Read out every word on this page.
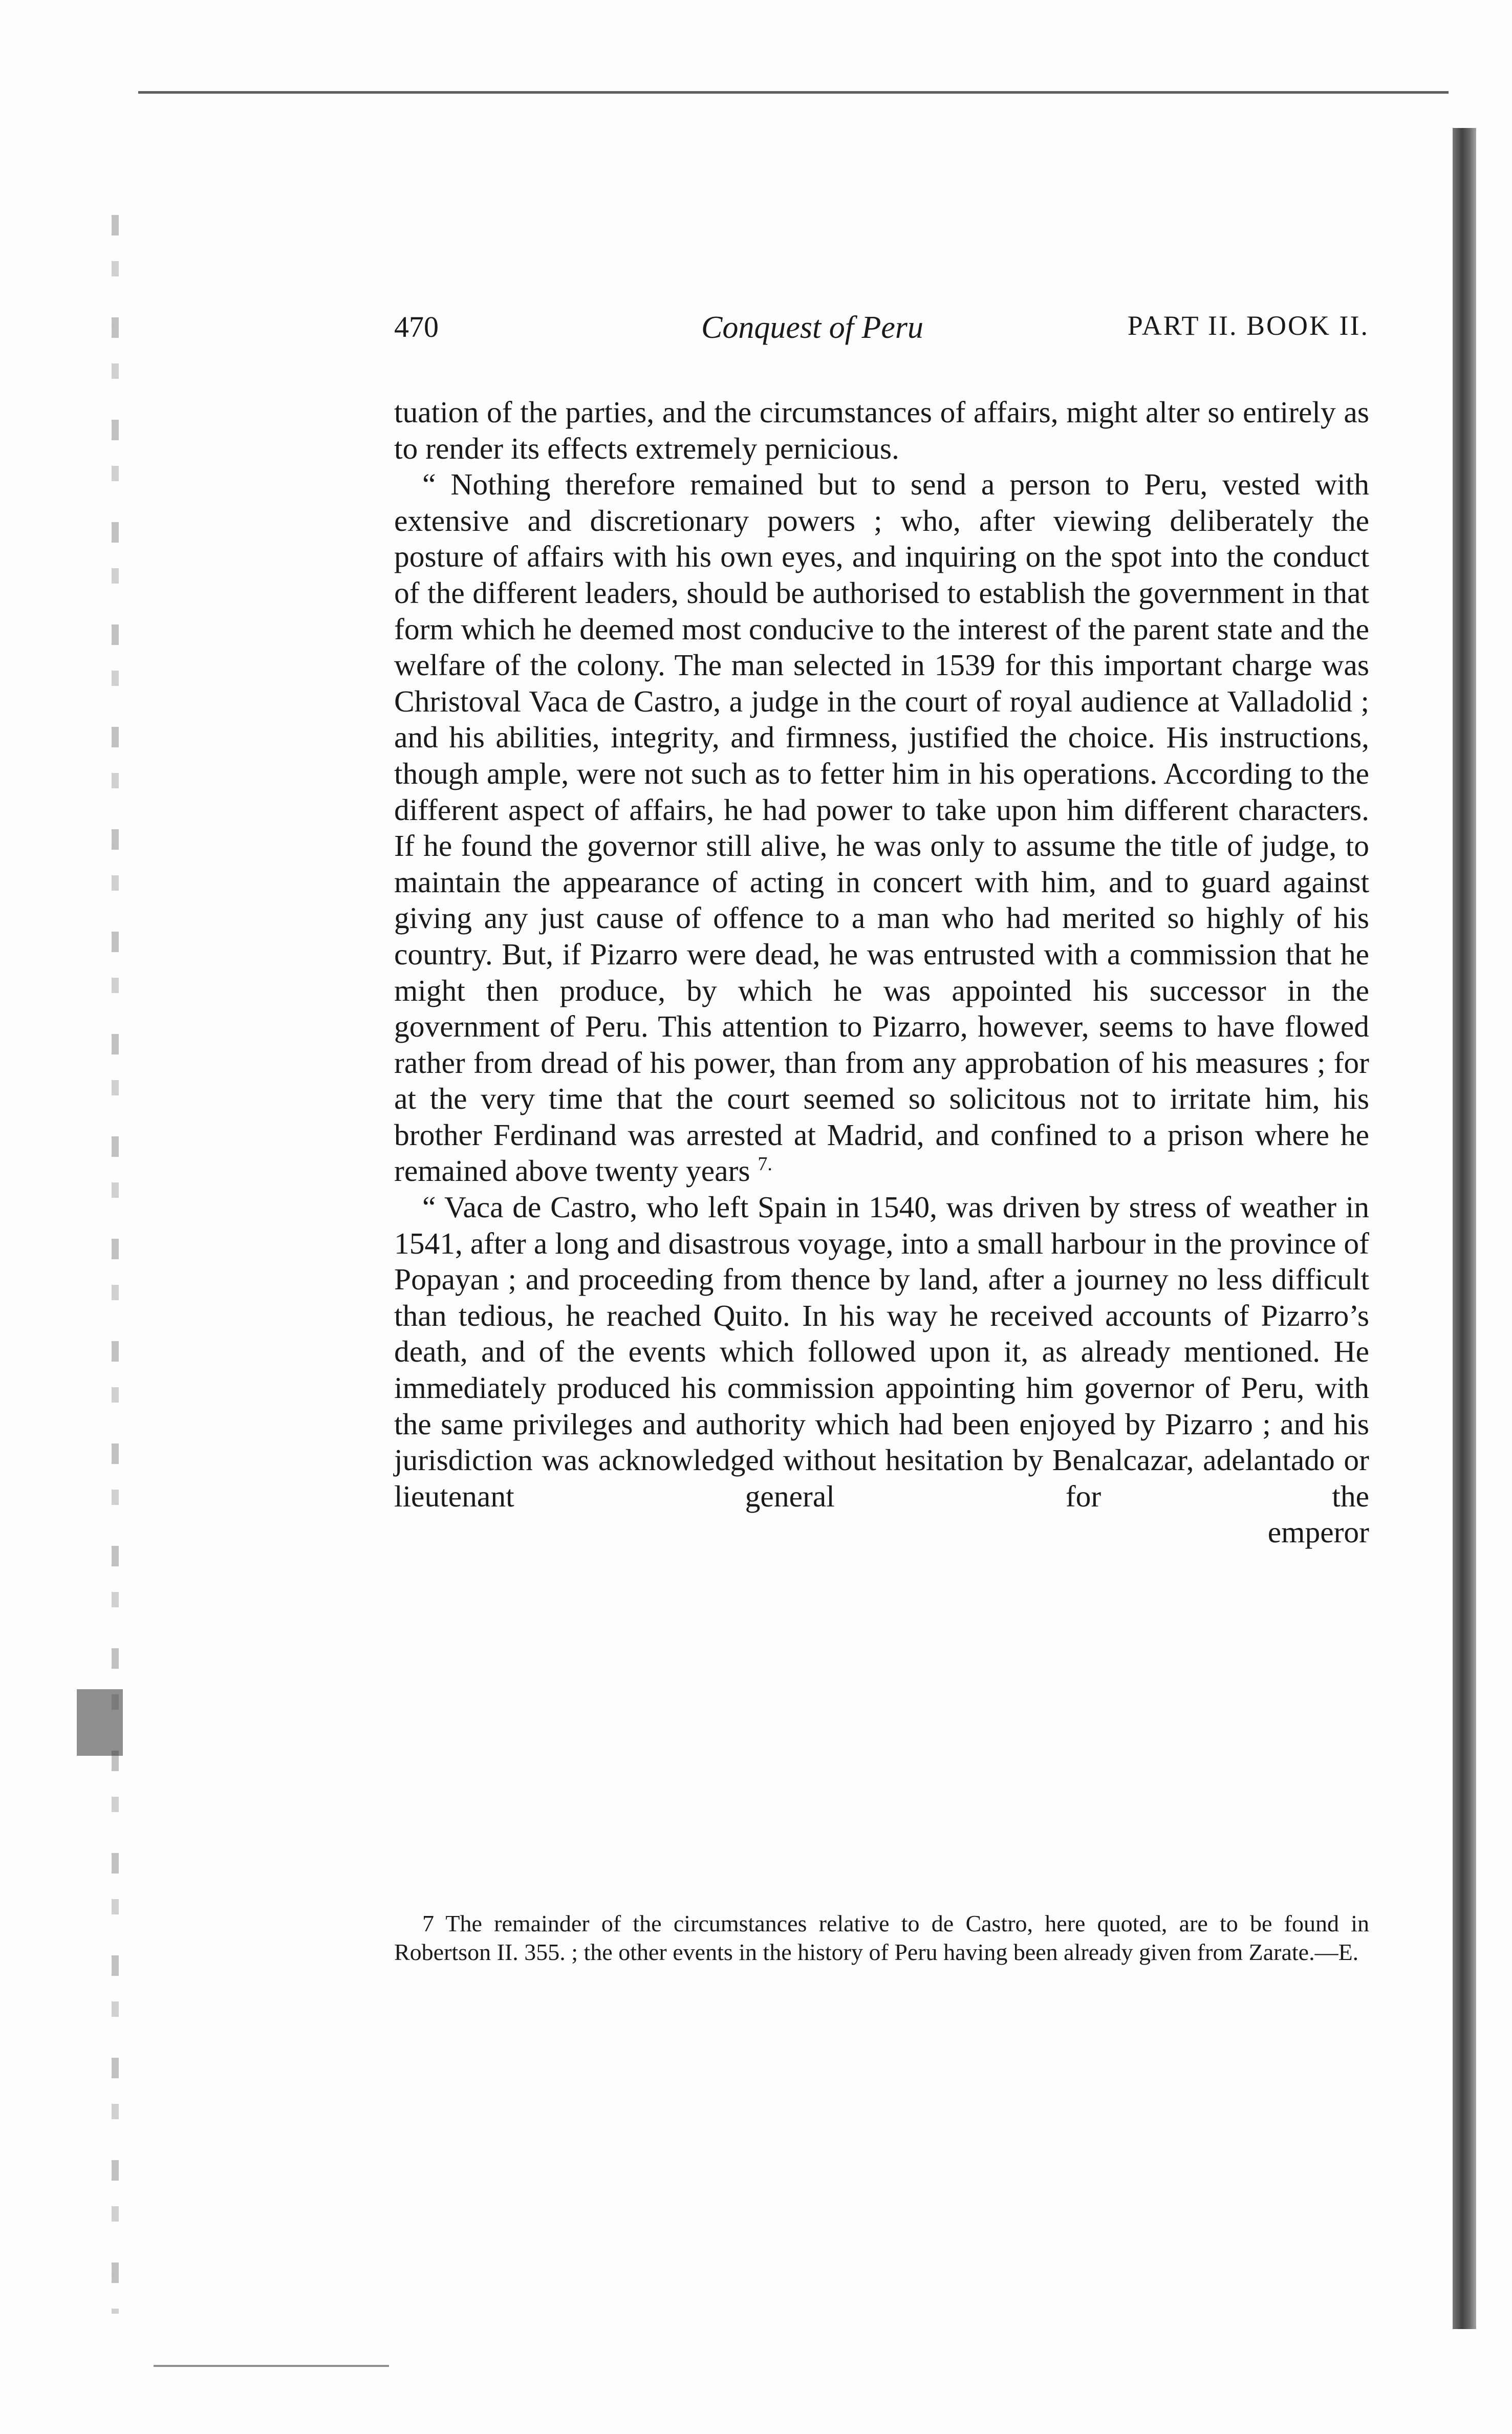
470	Conquest of Peru	PART II. BOOK II.

tuation of the parties, and the circumstances of affairs, might alter so entirely as to render its effects extremely pernicious.

“ Nothing therefore remained but to send a person to Peru, vested with extensive and discretionary powers ; who, after viewing deliberately the posture of affairs with his own eyes, and inquiring on the spot into the conduct of the different leaders, should be authorised to establish the government in that form which he deemed most conducive to the interest of the parent state and the welfare of the colony. The man selected in 1539 for this important charge was Christoval Vaca de Castro, a judge in the court of royal audience at Valladolid ; and his abilities, integrity, and firmness, justified the choice. His instructions, though ample, were not such as to fetter him in his operations. According to the different aspect of affairs, he had power to take upon him different characters. If he found the governor still alive, he was only to assume the title of judge, to maintain the appearance of acting in concert with him, and to guard against giving any just cause of offence to a man who had merited so highly of his country. But, if Pizarro were dead, he was entrusted with a commission that he might then produce, by which he was appointed his successor in the government of Peru. This attention to Pizarro, however, seems to have flowed rather from dread of his power, than from any approbation of his measures ; for at the very time that the court seemed so solicitous not to irritate him, his brother Ferdinand was arrested at Madrid, and confined to a prison where he remained above twenty years $^{7.}$

“ Vaca de Castro, who left Spain in 1540, was driven by stress of weather in 1541, after a long and disastrous voyage, into a small harbour in the province of Popayan ; and proceeding from thence by land, after a journey no less difficult than tedious, he reached Quito. In his way he received accounts of Pizarro’s death, and of the events which followed upon it, as already mentioned. He immediately produced his commission appointing him governor of Peru, with the same privileges and authority which had been enjoyed by Pizarro ; and his jurisdiction was acknowledged without hesitation by Benalcazar, adelantado or lieutenant general for the

emperor

7 The remainder of the circumstances relative to de Castro, here quoted, are to be found in Robertson II. 355. ; the other events in the history of Peru having been already given from Zarate.—E.
